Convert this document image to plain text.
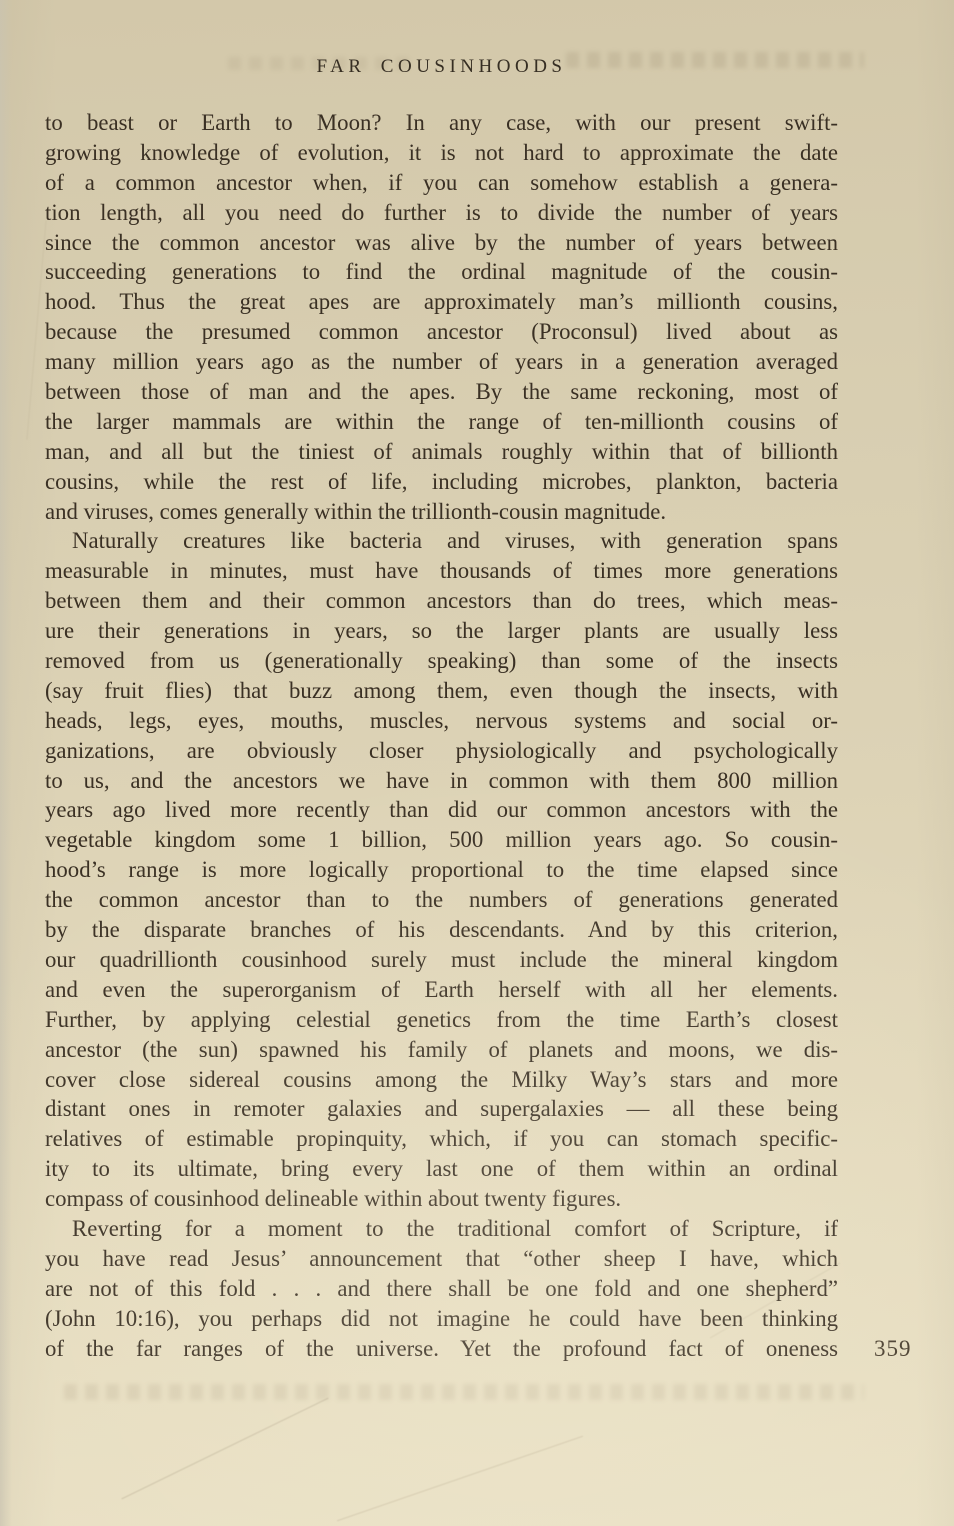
FAR COUSINHOODS
to beast or Earth to Moon? In any case, with our present swift-
growing knowledge of evolution, it is not hard to approximate the date
of a common ancestor when, if you can somehow establish a genera-
tion length, all you need do further is to divide the number of years
since the common ancestor was alive by the number of years between
succeeding generations to find the ordinal magnitude of the cousin-
hood. Thus the great apes are approximately man’s millionth cousins,
because the presumed common ancestor (Proconsul) lived about as
many million years ago as the number of years in a generation averaged
between those of man and the apes. By the same reckoning, most of
the larger mammals are within the range of ten-millionth cousins of
man, and all but the tiniest of animals roughly within that of billionth
cousins, while the rest of life, including microbes, plankton, bacteria
and viruses, comes generally within the trillionth-cousin magnitude.
Naturally creatures like bacteria and viruses, with generation spans
measurable in minutes, must have thousands of times more generations
between them and their common ancestors than do trees, which meas-
ure their generations in years, so the larger plants are usually less
removed from us (generationally speaking) than some of the insects
(say fruit flies) that buzz among them, even though the insects, with
heads, legs, eyes, mouths, muscles, nervous systems and social or-
ganizations, are obviously closer physiologically and psychologically
to us, and the ancestors we have in common with them 800 million
years ago lived more recently than did our common ancestors with the
vegetable kingdom some 1 billion, 500 million years ago. So cousin-
hood’s range is more logically proportional to the time elapsed since
the common ancestor than to the numbers of generations generated
by the disparate branches of his descendants. And by this criterion,
our quadrillionth cousinhood surely must include the mineral kingdom
and even the superorganism of Earth herself with all her elements.
Further, by applying celestial genetics from the time Earth’s closest
ancestor (the sun) spawned his family of planets and moons, we dis-
cover close sidereal cousins among the Milky Way’s stars and more
distant ones in remoter galaxies and supergalaxies — all these being
relatives of estimable propinquity, which, if you can stomach specific-
ity to its ultimate, bring every last one of them within an ordinal
compass of cousinhood delineable within about twenty figures.
Reverting for a moment to the traditional comfort of Scripture, if
you have read Jesus’ announcement that “other sheep I have, which
are not of this fold . . . and there shall be one fold and one shepherd”
(John 10:16), you perhaps did not imagine he could have been thinking
of the far ranges of the universe. Yet the profound fact of oneness 359
